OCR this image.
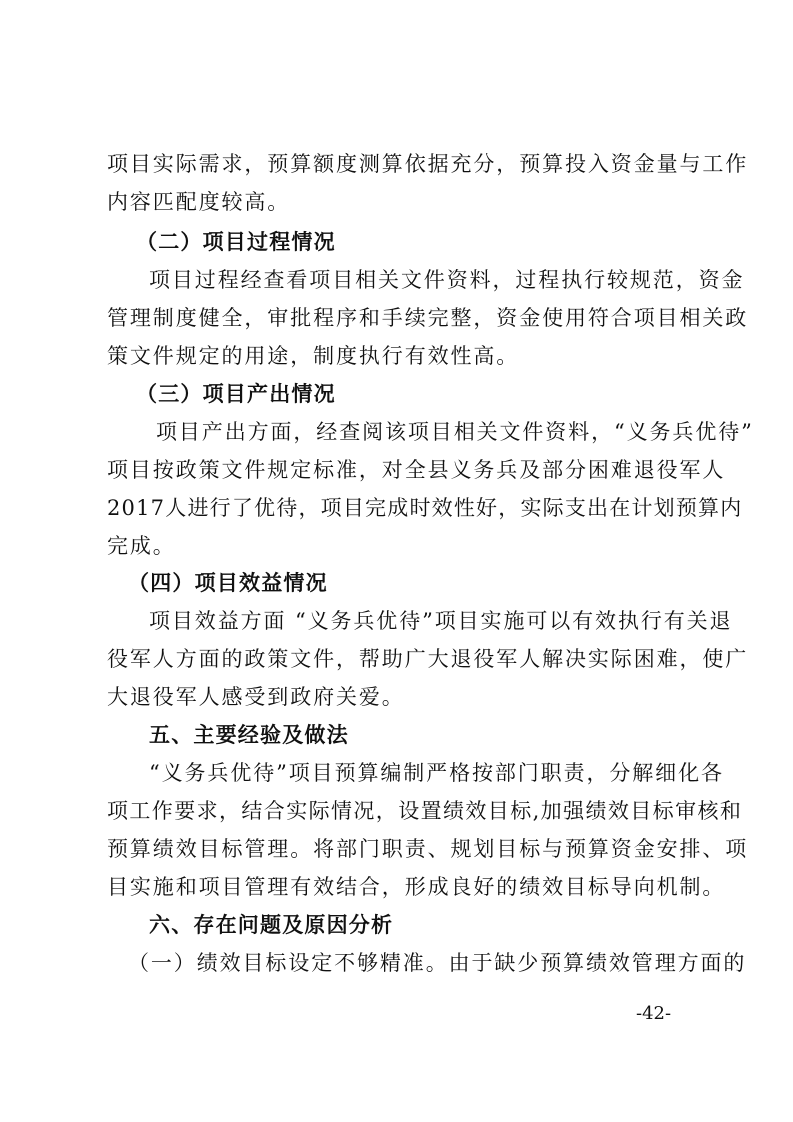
项目实际需求，预算额度测算依据充分，预算投入资金量与工作
内容匹配度较高。
（二）项目过程情况
项目过程经查看项目相关文件资料，过程执行较规范，资金
管理制度健全，审批程序和手续完整，资金使用符合项目相关政
策文件规定的用途，制度执行有效性高。
（三）项目产出情况
项目产出方面，经查阅该项目相关文件资料，“义务兵优待”
项目按政策文件规定标准，对全县义务兵及部分困难退役军人
2017人进行了优待，项目完成时效性好，实际支出在计划预算内
完成。
（四）项目效益情况
项目效益方面 “义务兵优待”项目实施可以有效执行有关退
役军人方面的政策文件，帮助广大退役军人解决实际困难，使广
大退役军人感受到政府关爱。
五、主要经验及做法
“义务兵优待”项目预算编制严格按部门职责，分解细化各
项工作要求，结合实际情况，设置绩效目标,加强绩效目标审核和
预算绩效目标管理。将部门职责、规划目标与预算资金安排、项
目实施和项目管理有效结合，形成良好的绩效目标导向机制。
六、存在问题及原因分析
（一）绩效目标设定不够精准。由于缺少预算绩效管理方面的
-42-
